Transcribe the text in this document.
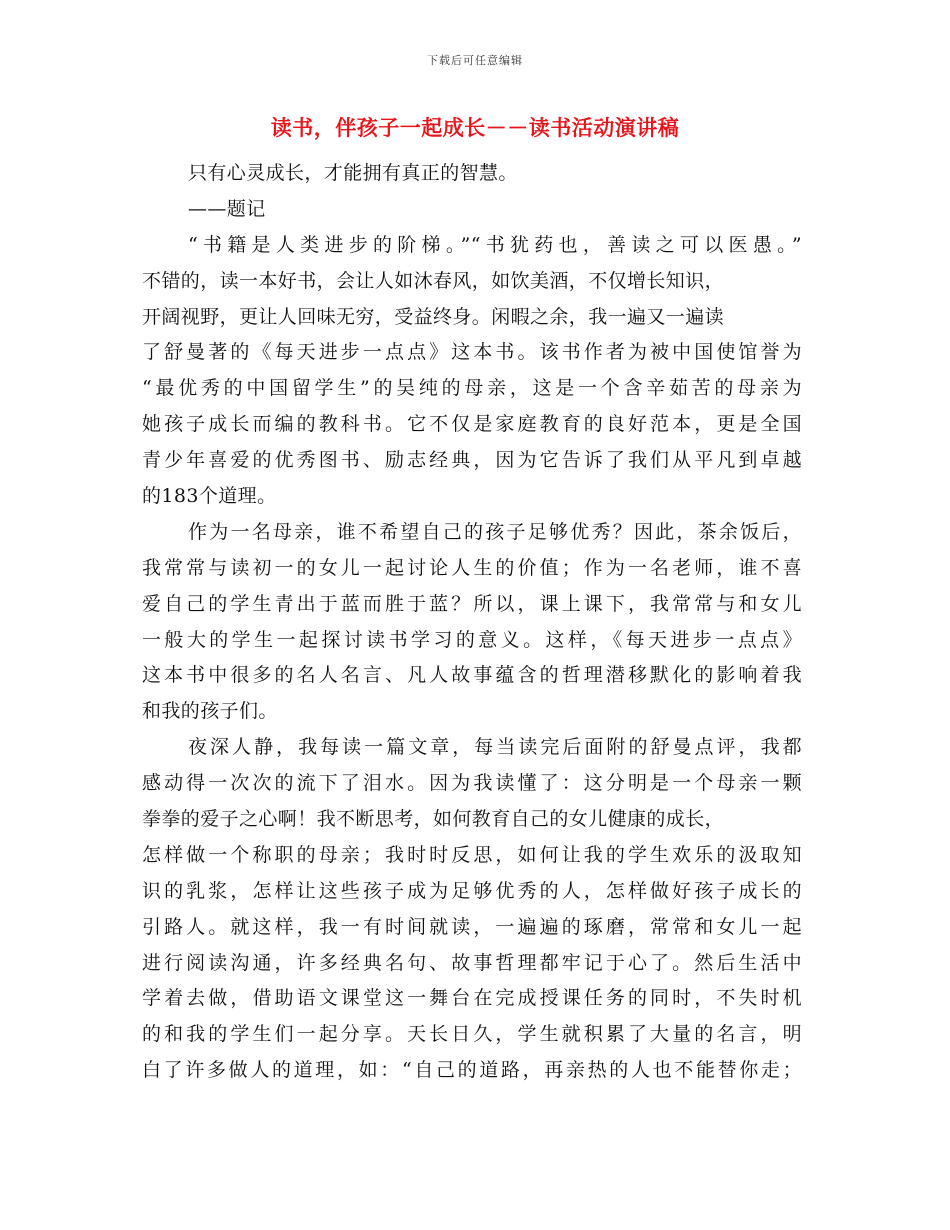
下载后可任意编辑
读书，伴孩子一起成长－－读书活动演讲稿
只有心灵成长，才能拥有真正的智慧。
——题记
“书籍是人类进步的阶梯。”“书犹药也，善读之可以医愚。”
不错的，读一本好书，会让人如沐春风，如饮美酒，不仅增长知识，
开阔视野，更让人回味无穷，受益终身。闲暇之余，我一遍又一遍读
了舒曼著的《每天进步一点点》这本书。该书作者为被中国使馆誉为
“最优秀的中国留学生”的吴纯的母亲，这是一个含辛茹苦的母亲为
她孩子成长而编的教科书。它不仅是家庭教育的良好范本，更是全国
青少年喜爱的优秀图书、励志经典，因为它告诉了我们从平凡到卓越
的183个道理。
作为一名母亲，谁不希望自己的孩子足够优秀？因此，茶余饭后，
我常常与读初一的女儿一起讨论人生的价值；作为一名老师，谁不喜
爱自己的学生青出于蓝而胜于蓝？所以，课上课下，我常常与和女儿
一般大的学生一起探讨读书学习的意义。这样，《每天进步一点点》
这本书中很多的名人名言、凡人故事蕴含的哲理潜移默化的影响着我
和我的孩子们。
夜深人静，我每读一篇文章，每当读完后面附的舒曼点评，我都
感动得一次次的流下了泪水。因为我读懂了：这分明是一个母亲一颗
拳拳的爱子之心啊！我不断思考，如何教育自己的女儿健康的成长，
怎样做一个称职的母亲；我时时反思，如何让我的学生欢乐的汲取知
识的乳浆，怎样让这些孩子成为足够优秀的人，怎样做好孩子成长的
引路人。就这样，我一有时间就读，一遍遍的琢磨，常常和女儿一起
进行阅读沟通，许多经典名句、故事哲理都牢记于心了。然后生活中
学着去做，借助语文课堂这一舞台在完成授课任务的同时，不失时机
的和我的学生们一起分享。天长日久，学生就积累了大量的名言，明
白了许多做人的道理，如：“自己的道路，再亲热的人也不能替你走；
